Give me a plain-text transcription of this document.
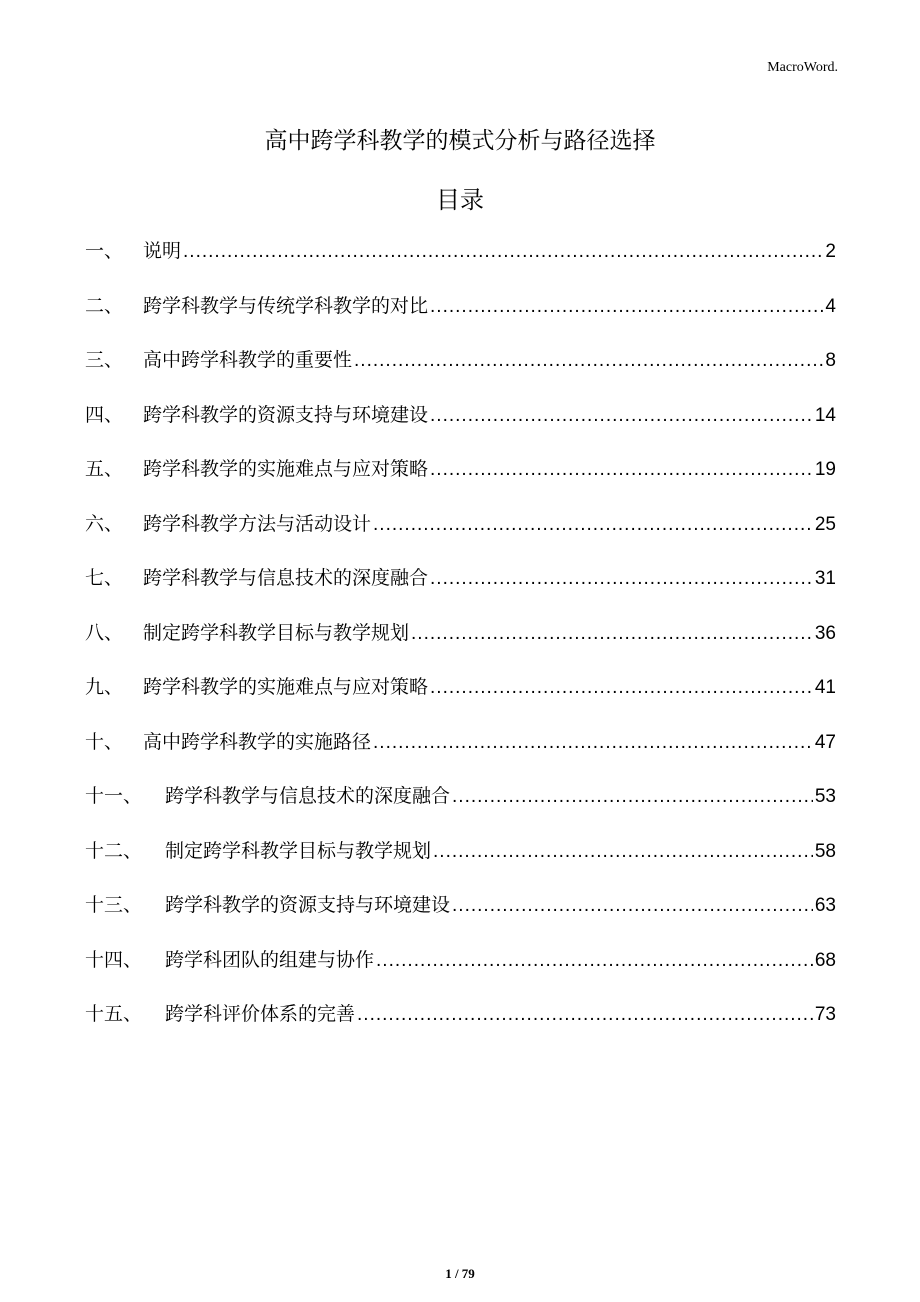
MacroWord.
高中跨学科教学的模式分析与路径选择
目录
一、	说明 .....	2
二、	跨学科教学与传统学科教学的对比 .....	4
三、	高中跨学科教学的重要性 .....	8
四、	跨学科教学的资源支持与环境建设 .....	14
五、	跨学科教学的实施难点与应对策略 .....	19
六、	跨学科教学方法与活动设计 .....	25
七、	跨学科教学与信息技术的深度融合 .....	31
八、	制定跨学科教学目标与教学规划 .....	36
九、	跨学科教学的实施难点与应对策略 .....	41
十、	高中跨学科教学的实施路径 .....	47
十一、	跨学科教学与信息技术的深度融合 .....	53
十二、	制定跨学科教学目标与教学规划 .....	58
十三、	跨学科教学的资源支持与环境建设 .....	63
十四、	跨学科团队的组建与协作 .....	68
十五、	跨学科评价体系的完善 .....	73
1 / 79
